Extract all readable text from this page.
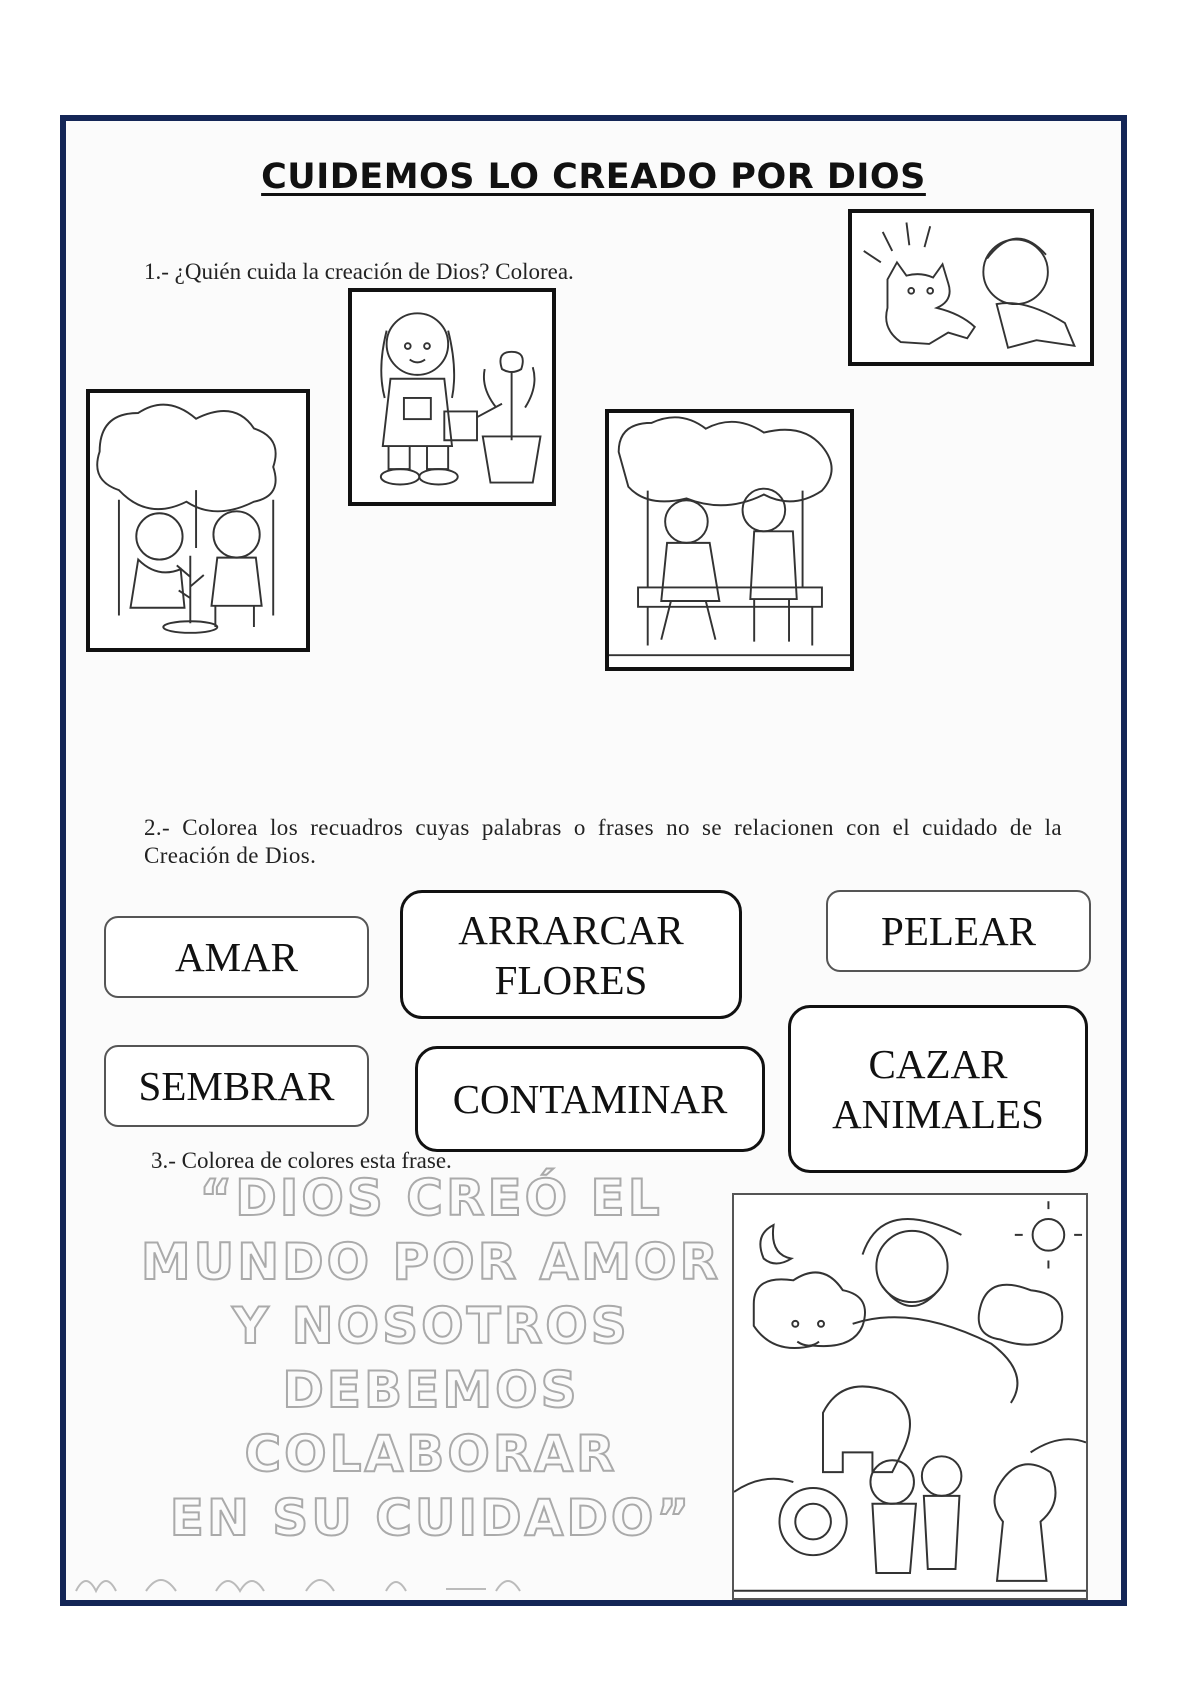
CUIDEMOS LO CREADO POR DIOS

1.- ¿Quién cuida la creación de Dios? Colorea.

2.- Colorea los recuadros cuyas palabras o frases no se relacionen con el cuidado de la Creación de Dios.

AMAR
ARRARCAR
FLORES
PELEAR
SEMBRAR	CONTAMINAR
CAZAR
ANIMALES

3.- Colorea de colores esta frase.

“DIOS CREÓ EL
MUNDO POR AMOR
Y NOSOTROS
DEBEMOS
COLABORAR
EN SU CUIDADO”
